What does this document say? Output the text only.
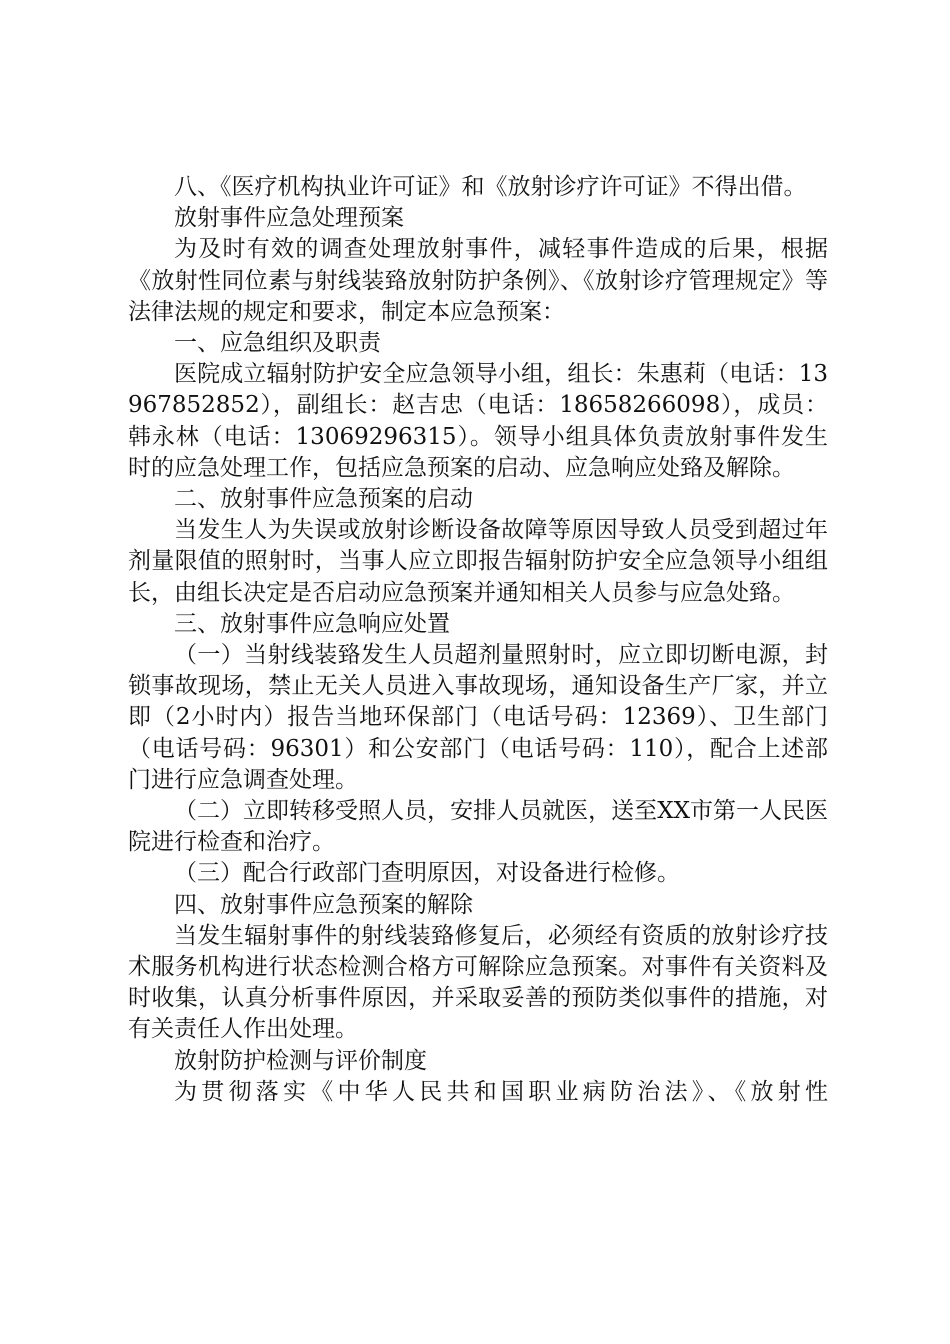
八、《医疗机构执业许可证》和《放射诊疗许可证》不得出借。

放射事件应急处理预案

为及时有效的调查处理放射事件，减轻事件造成的后果，根据《放射性同位素与射线装臵放射防护条例》、《放射诊疗管理规定》等法律法规的规定和要求，制定本应急预案：

一、应急组织及职责

医院成立辐射防护安全应急领导小组，组长：朱惠莉（电话：13967852852），副组长：赵吉忠（电话：18658266098），成员：韩永林（电话：13069296315）。领导小组具体负责放射事件发生时的应急处理工作，包括应急预案的启动、应急响应处臵及解除。

二、放射事件应急预案的启动

当发生人为失误或放射诊断设备故障等原因导致人员受到超过年剂量限值的照射时，当事人应立即报告辐射防护安全应急领导小组组长，由组长决定是否启动应急预案并通知相关人员参与应急处臵。

三、放射事件应急响应处置

（一）当射线装臵发生人员超剂量照射时，应立即切断电源，封锁事故现场，禁止无关人员进入事故现场，通知设备生产厂家，并立即（2小时内）报告当地环保部门（电话号码：12369）、卫生部门（电话号码：96301）和公安部门（电话号码：110），配合上述部门进行应急调查处理。

（二）立即转移受照人员，安排人员就医，送至XX市第一人民医院进行检查和治疗。

（三）配合行政部门查明原因，对设备进行检修。

四、放射事件应急预案的解除

当发生辐射事件的射线装臵修复后，必须经有资质的放射诊疗技术服务机构进行状态检测合格方可解除应急预案。对事件有关资料及时收集，认真分析事件原因，并采取妥善的预防类似事件的措施，对有关责任人作出处理。

放射防护检测与评价制度

为贯彻落实《中华人民共和国职业病防治法》、《放射性
